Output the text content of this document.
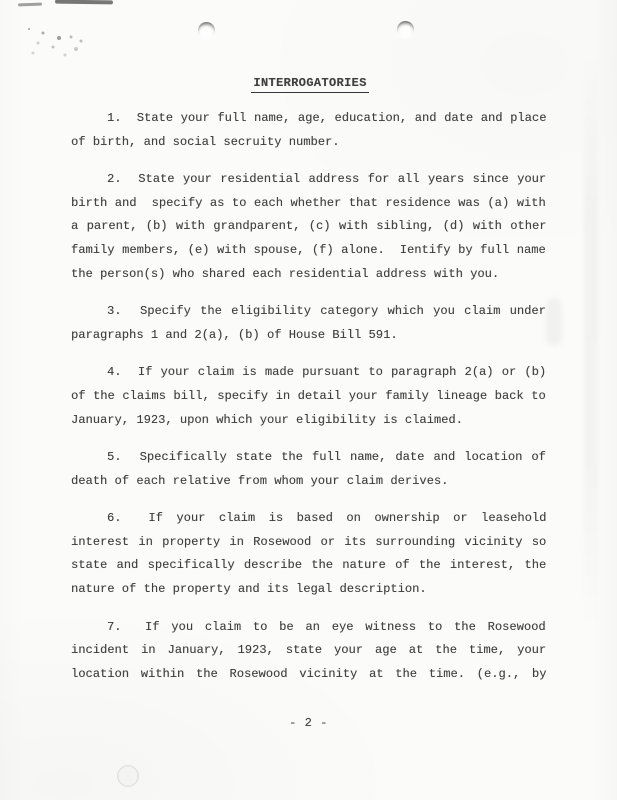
INTERROGATORIES
1.  State your full name, age, education, and date and place
of birth, and social secruity number.
2.  State your residential address for all years since your
birth and  specify as to each whether that residence was (a) with
a parent, (b) with grandparent, (c) with sibling, (d) with other
family members, (e) with spouse, (f) alone.  Ientify by full name
the person(s) who shared each residential address with you.
3.  Specify the eligibility category which you claim under
paragraphs 1 and 2(a), (b) of House Bill 591.
4.  If your claim is made pursuant to paragraph 2(a) or (b)
of the claims bill, specify in detail your family lineage back to
January, 1923, upon which your eligibility is claimed.
5.  Specifically state the full name, date and location of
death of each relative from whom your claim derives.
6.  If your claim is based on ownership or leasehold
interest in property in Rosewood or its surrounding vicinity so
state and specifically describe the nature of the interest, the
nature of the property and its legal description.
7.  If you claim to be an eye witness to the Rosewood
incident in January, 1923, state your age at the time, your
location within the Rosewood vicinity at the time. (e.g., by
- 2 -
